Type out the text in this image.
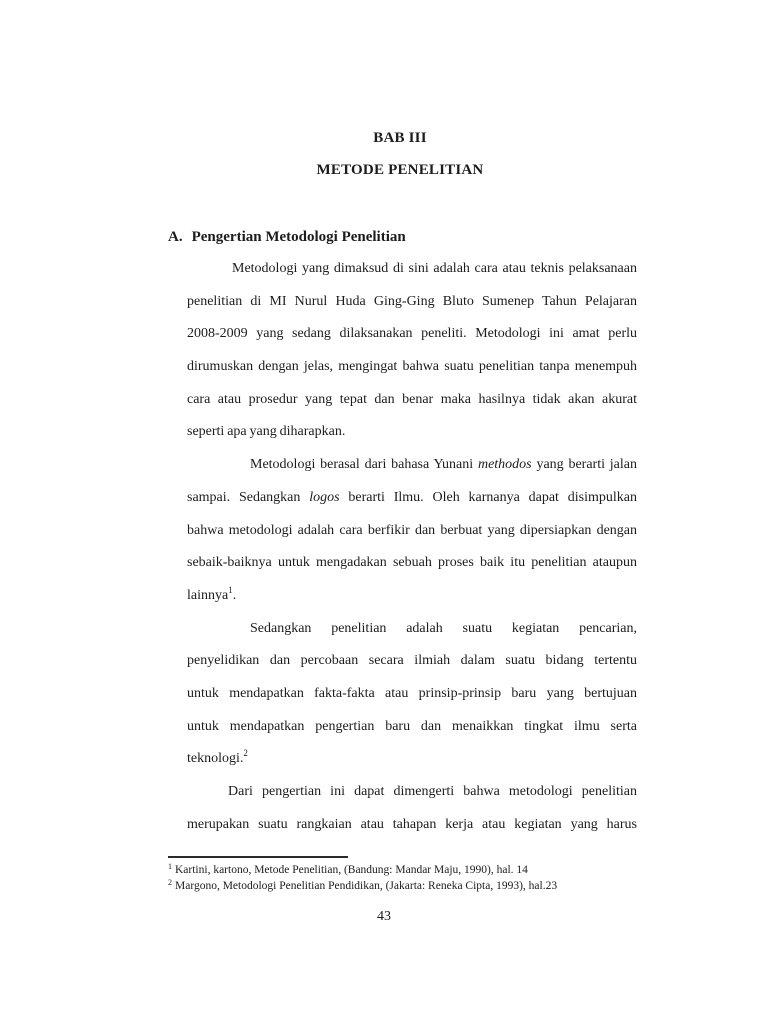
BAB III
METODE PENELITIAN
A. Pengertian Metodologi Penelitian
Metodologi yang dimaksud di sini adalah cara atau teknis pelaksanaan
penelitian di MI Nurul Huda Ging-Ging Bluto Sumenep Tahun Pelajaran
2008-2009 yang sedang dilaksanakan peneliti. Metodologi ini amat perlu
dirumuskan dengan jelas, mengingat bahwa suatu penelitian tanpa menempuh
cara atau prosedur yang tepat dan benar maka hasilnya tidak akan akurat
seperti apa yang diharapkan.
Metodologi berasal dari bahasa Yunani methodos yang berarti jalan
sampai. Sedangkan logos berarti Ilmu. Oleh karnanya dapat disimpulkan
bahwa metodologi adalah cara berfikir dan berbuat yang dipersiapkan dengan
sebaik-baiknya untuk mengadakan sebuah proses baik itu penelitian ataupun
lainnya$^1$.
Sedangkan penelitian adalah suatu kegiatan pencarian,
penyelidikan dan percobaan secara ilmiah dalam suatu bidang tertentu
untuk mendapatkan fakta-fakta atau prinsip-prinsip baru yang bertujuan
untuk mendapatkan pengertian baru dan menaikkan tingkat ilmu serta
teknologi.$^2$
Dari pengertian ini dapat dimengerti bahwa metodologi penelitian
merupakan suatu rangkaian atau tahapan kerja atau kegiatan yang harus
$^1$ Kartini, kartono, Metode Penelitian, (Bandung: Mandar Maju, 1990), hal. 14
$^2$ Margono, Metodologi Penelitian Pendidikan, (Jakarta: Reneka Cipta, 1993), hal.23
43
